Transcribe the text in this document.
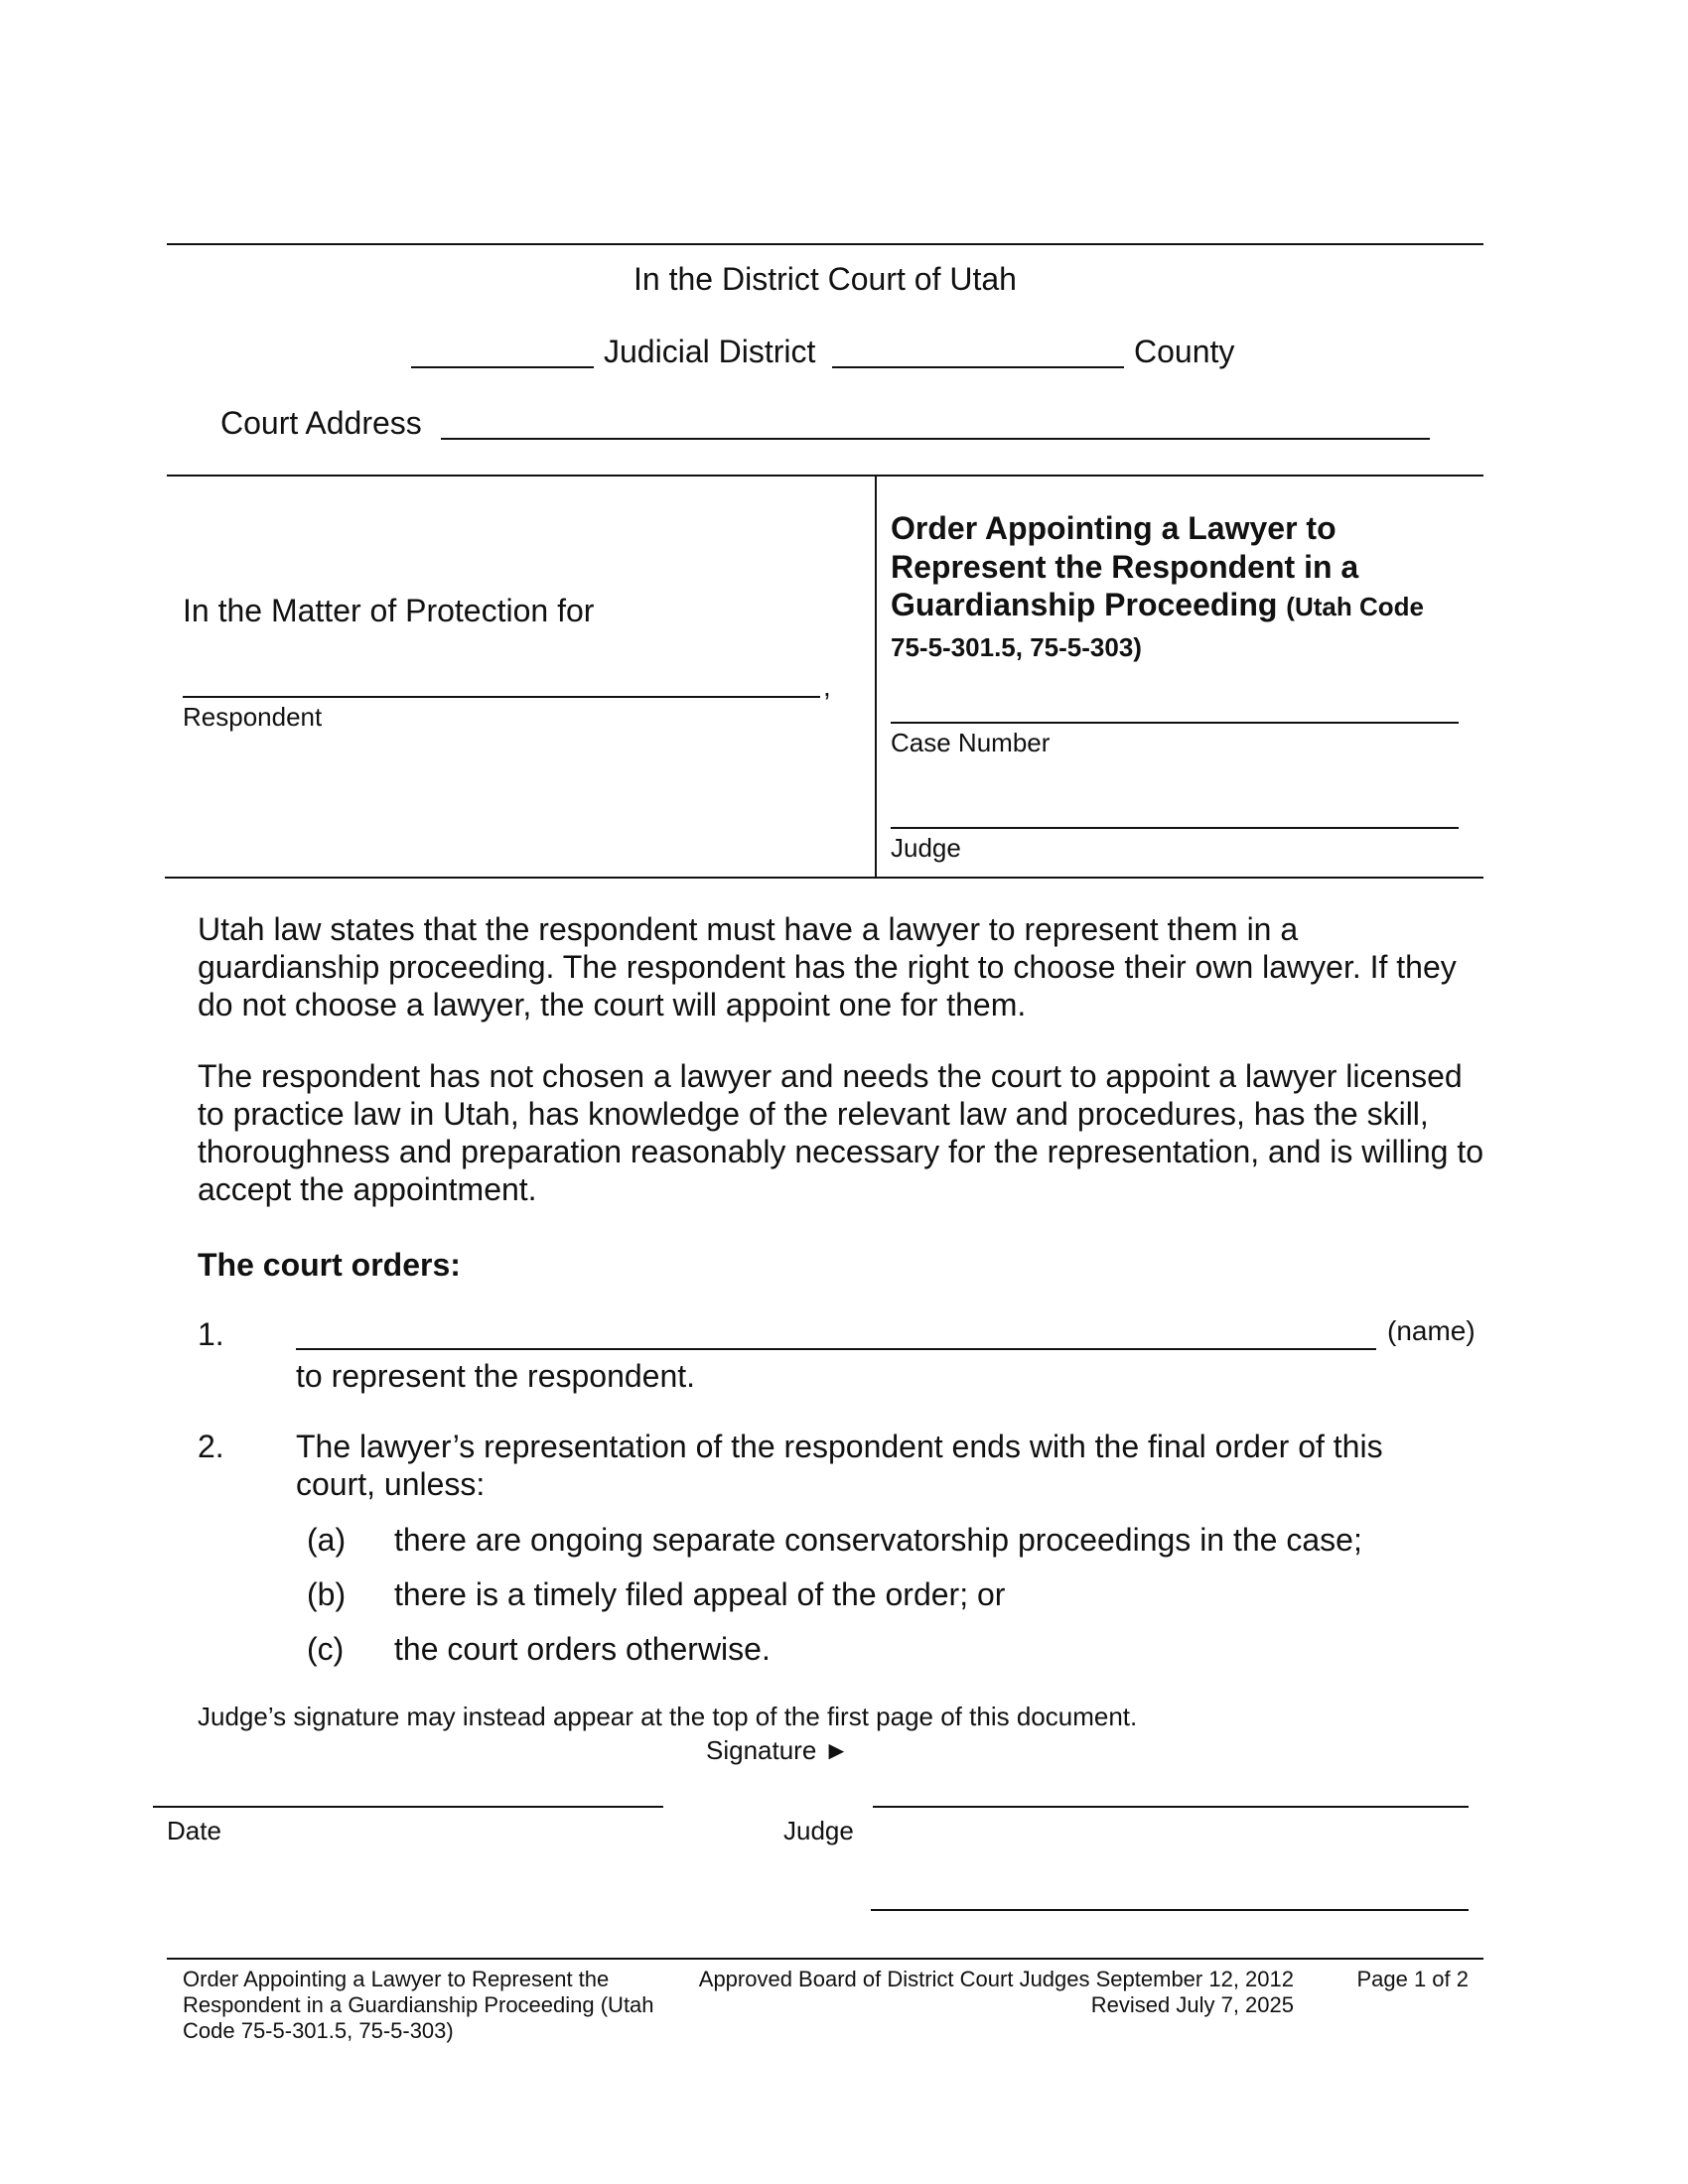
In the District Court of Utah
Judicial District	County
Court Address
In the Matter of Protection for
,
Respondent
Order Appointing a Lawyer to Represent the Respondent in a Guardianship Proceeding (Utah Code 75-5-301.5, 75-5-303)
Case Number
Judge

Utah law states that the respondent must have a lawyer to represent them in a guardianship proceeding. The respondent has the right to choose their own lawyer. If they do not choose a lawyer, the court will appoint one for them.

The respondent has not chosen a lawyer and needs the court to appoint a lawyer licensed to practice law in Utah, has knowledge of the relevant law and procedures, has the skill, thoroughness and preparation reasonably necessary for the representation, and is willing to accept the appointment.

The court orders:
1.	(name)
to represent the respondent.
2. The lawyer’s representation of the respondent ends with the final order of this court, unless:
(a) there are ongoing separate conservatorship proceedings in the case;
(b) there is a timely filed appeal of the order; or
(c) the court orders otherwise.
Judge’s signature may instead appear at the top of the first page of this document.
Signature ►
Date	Judge
Order Appointing a Lawyer to Represent the Respondent in a Guardianship Proceeding (Utah Code 75-5-301.5, 75-5-303)
Approved Board of District Court Judges September 12, 2012
Revised July 7, 2025
Page 1 of 2
